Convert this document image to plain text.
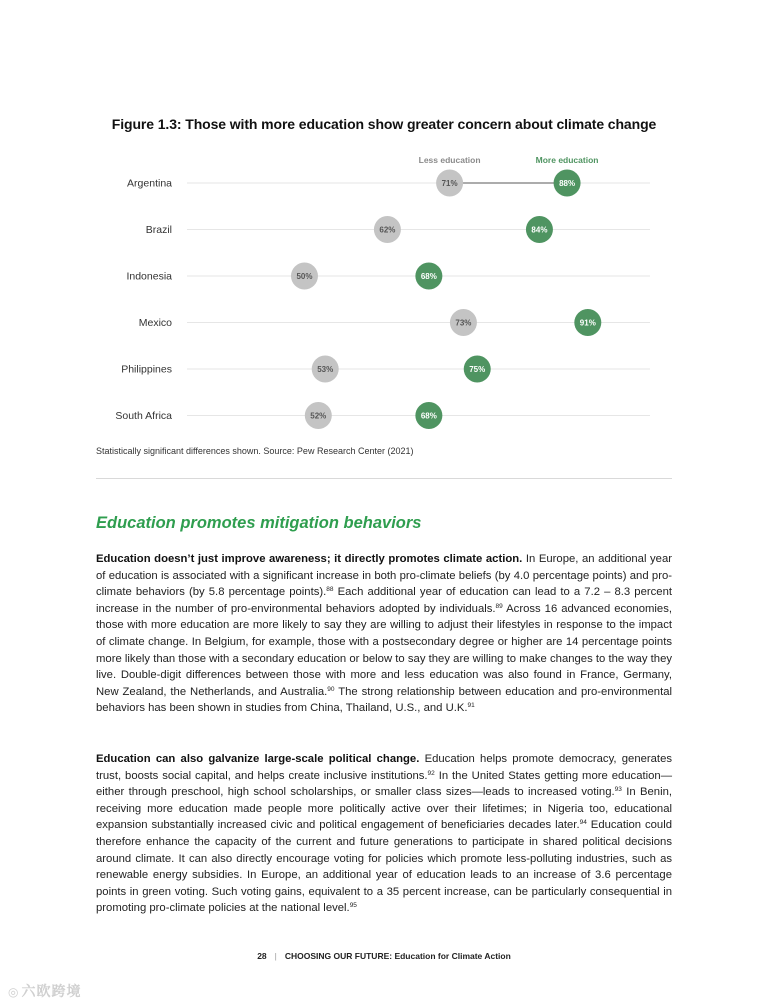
Figure 1.3: Those with more education show greater concern about climate change
Less education	More education
Argentina	71%	88%
Brazil	62%	84%
Indonesia	50%	68%
Mexico	73%	91%
Philippines	53%	75%
South Africa	52%	68%
Statistically significant differences shown. Source: Pew Research Center (2021)
Education promotes mitigation behaviors

Education doesn’t just improve awareness; it directly promotes climate action. In Europe, an additional year of education is associated with a significant increase in both pro-climate beliefs (by 4.0 percentage points) and pro-climate behaviors (by 5.8 percentage points).$^{88}$ Each additional year of education can lead to a 7.2 – 8.3 percent increase in the number of pro-environmental behaviors adopted by individuals.$^{89}$ Across 16 advanced economies, those with more education are more likely to say they are willing to adjust their lifestyles in response to the impact of climate change. In Belgium, for example, those with a postsecondary degree or higher are 14 percentage points more likely than those with a secondary education or below to say they are willing to make changes to the way they live. Double-digit differences between those with more and less education was also found in France, Germany, New Zealand, the Netherlands, and Australia.$^{90}$ The strong relationship between education and pro-environmental behaviors has been shown in studies from China, Thailand, U.S., and U.K.$^{91}$

Education can also galvanize large-scale political change. Education helps promote democracy, generates trust, boosts social capital, and helps create inclusive institutions.$^{92}$ In the United States getting more education—either through preschool, high school scholarships, or smaller class sizes—leads to increased voting.$^{93}$ In Benin, receiving more education made people more politically active over their lifetimes; in Nigeria too, educational expansion substantially increased civic and political engagement of beneficiaries decades later.$^{94}$ Education could therefore enhance the capacity of the current and future generations to participate in shared political decisions around climate. It can also directly encourage voting for policies which promote less-polluting industries, such as renewable energy subsidies. In Europe, an additional year of education leads to an increase of 3.6 percentage points in green voting. Such voting gains, equivalent to a 35 percent increase, can be particularly consequential in promoting pro-climate policies at the national level.$^{95}$

28 | CHOOSING OUR FUTURE: Education for Climate Action
◎ 六欧跨境
